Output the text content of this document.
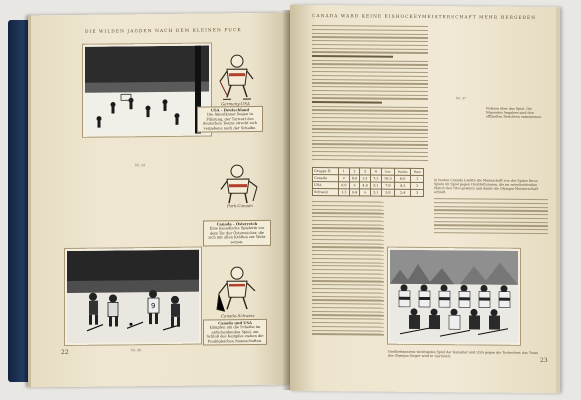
DIE WILDEN JAGDEN NACH DEM KLEINEN PUCK
Germany-USA
USA – Deutschland
Die Amerikaner liegen in Führung, der Torwart des deutschen Teams streckt sich vergebens nach der Scheibe.
Nr. 34
Pork-Canada
Canada – Österreich
Eine kanadische Spielerin vor dem Tor der Österreicher, die sich mit allen Kräften zur Wehr setzen.
9
Canada-Schweiz
Canada und USA
kämpfen um die Scheibe im entscheidenden Spiel, am Schluß des Kampfes stehen die Punktgleichen Mannschaften.
Nr. 36
22
CANADA WARD KEINE EISHOCKEYMEISTERSCHAFT MEHR HERGEBEN
Nr. 37
Notizen über das Spiel. Die folgenden Angaben sind den offiziellen Berichten entnommen.
Gruppe B	1	2	3	4	Tore	Punkte	Platz
Canada	×	8:0	3:1	7:2	18:3	6:0	1
USA	0:8	×	4:0	3:1	7:9	4:2	2
Schweiz	1:3	0:4	×	2:1	3:8	2:4	3
in besten Canada Lenkte die Mannschaft von der Spitze Ihres Spiels im Spiel gegen Großbritannien, die im entscheidenden Match den Titel gewann und damit die Olympia-Meisterschaft erhielt.
Großbritanniens wichtigstes Spiel der Kanadier und USA gegen die Tschechen; das Team der Olympia-Sieger wird in Garmisch
23
